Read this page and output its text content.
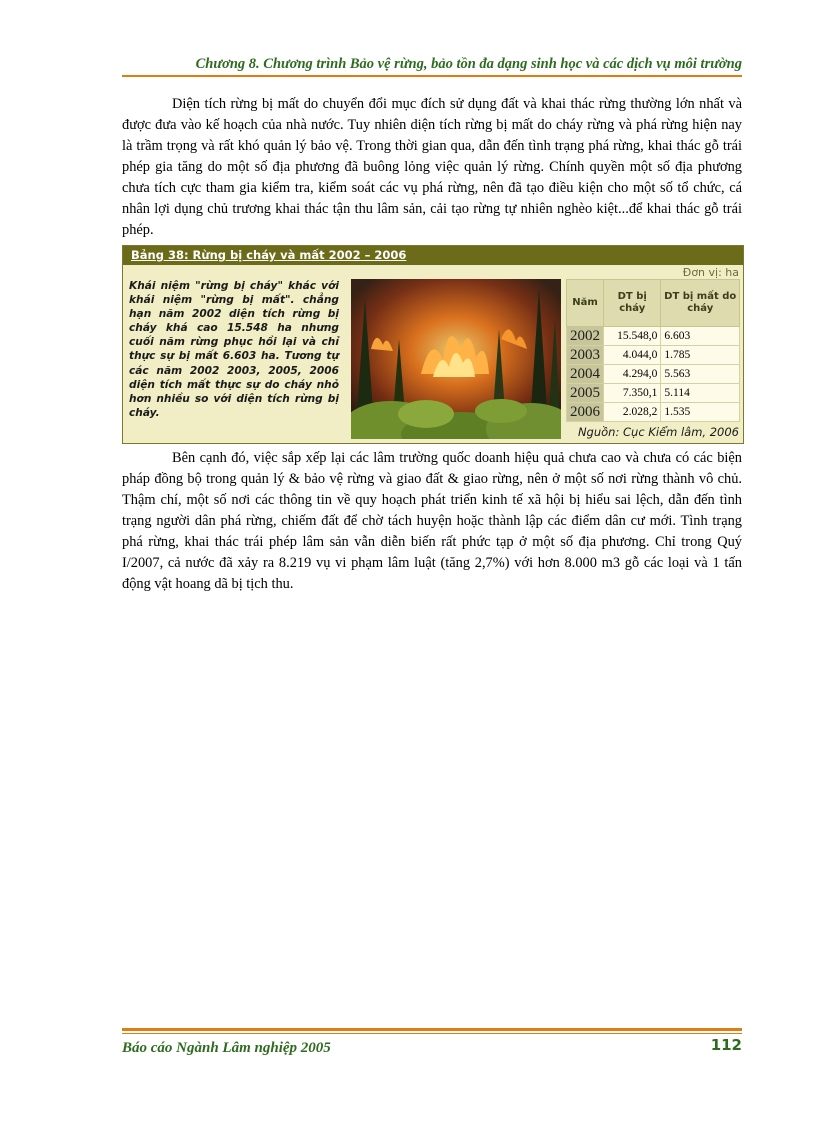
Chương 8. Chương trình Bảo vệ rừng, bảo tồn đa dạng sinh học và các dịch vụ môi trường
Diện tích rừng bị mất do chuyển đổi mục đích sử dụng đất và khai thác rừng thường lớn nhất và được đưa vào kế hoạch của nhà nước. Tuy nhiên diện tích rừng bị mất do cháy rừng và phá rừng hiện nay là trầm trọng và rất khó quản lý bảo vệ. Trong thời gian qua, dẫn đến tình trạng phá rừng, khai thác gỗ trái phép gia tăng do một số địa phương đã buông lỏng việc quản lý rừng. Chính quyền một số địa phương chưa tích cực tham gia kiểm tra, kiểm soát các vụ phá rừng, nên đã tạo điều kiện cho một số tổ chức, cá nhân lợi dụng chủ trương khai thác tận thu lâm sản, cải tạo rừng tự nhiên nghèo kiệt...để khai thác gỗ trái phép.
Bảng 38: Rừng bị cháy và mất 2002 – 2006
Đơn vị: ha
Khái niệm "rừng bị cháy" khác với khái niệm "rừng bị mất". chẳng hạn năm 2002 diện tích rừng bị cháy khá cao 15.548 ha nhưng cuối năm rừng phục hồi lại và chỉ thực sự bị mất 6.603 ha. Tương tự các năm 2002 2003, 2005, 2006 diện tích mất thực sự do cháy nhỏ hơn nhiều so với diện tích rừng bị cháy.
Năm	DT bị cháy	DT bị mất do cháy
2002	15.548,0	6.603
2003	4.044,0	1.785
2004	4.294,0	5.563
2005	7.350,1	5.114
2006	2.028,2	1.535
Nguồn: Cục Kiểm lâm, 2006
Bên cạnh đó, việc sắp xếp lại các lâm trường quốc doanh hiệu quả chưa cao và chưa có các biện pháp đồng bộ trong quản lý & bảo vệ rừng và giao đất & giao rừng, nên ở một số nơi rừng thành vô chủ. Thậm chí, một số nơi các thông tin về quy hoạch phát triển kinh tế xã hội bị hiểu sai lệch, dẫn đến tình trạng người dân phá rừng, chiếm đất để chờ tách huyện hoặc thành lập các điểm dân cư mới. Tình trạng phá rừng, khai thác trái phép lâm sản vẫn diễn biến rất phức tạp ở một số địa phương. Chỉ trong Quý I/2007, cả nước đã xảy ra 8.219 vụ vi phạm lâm luật (tăng 2,7%) với hơn 8.000 m3 gỗ các loại và 1 tấn động vật hoang dã bị tịch thu.
Báo cáo Ngành Lâm nghiệp 2005	112
